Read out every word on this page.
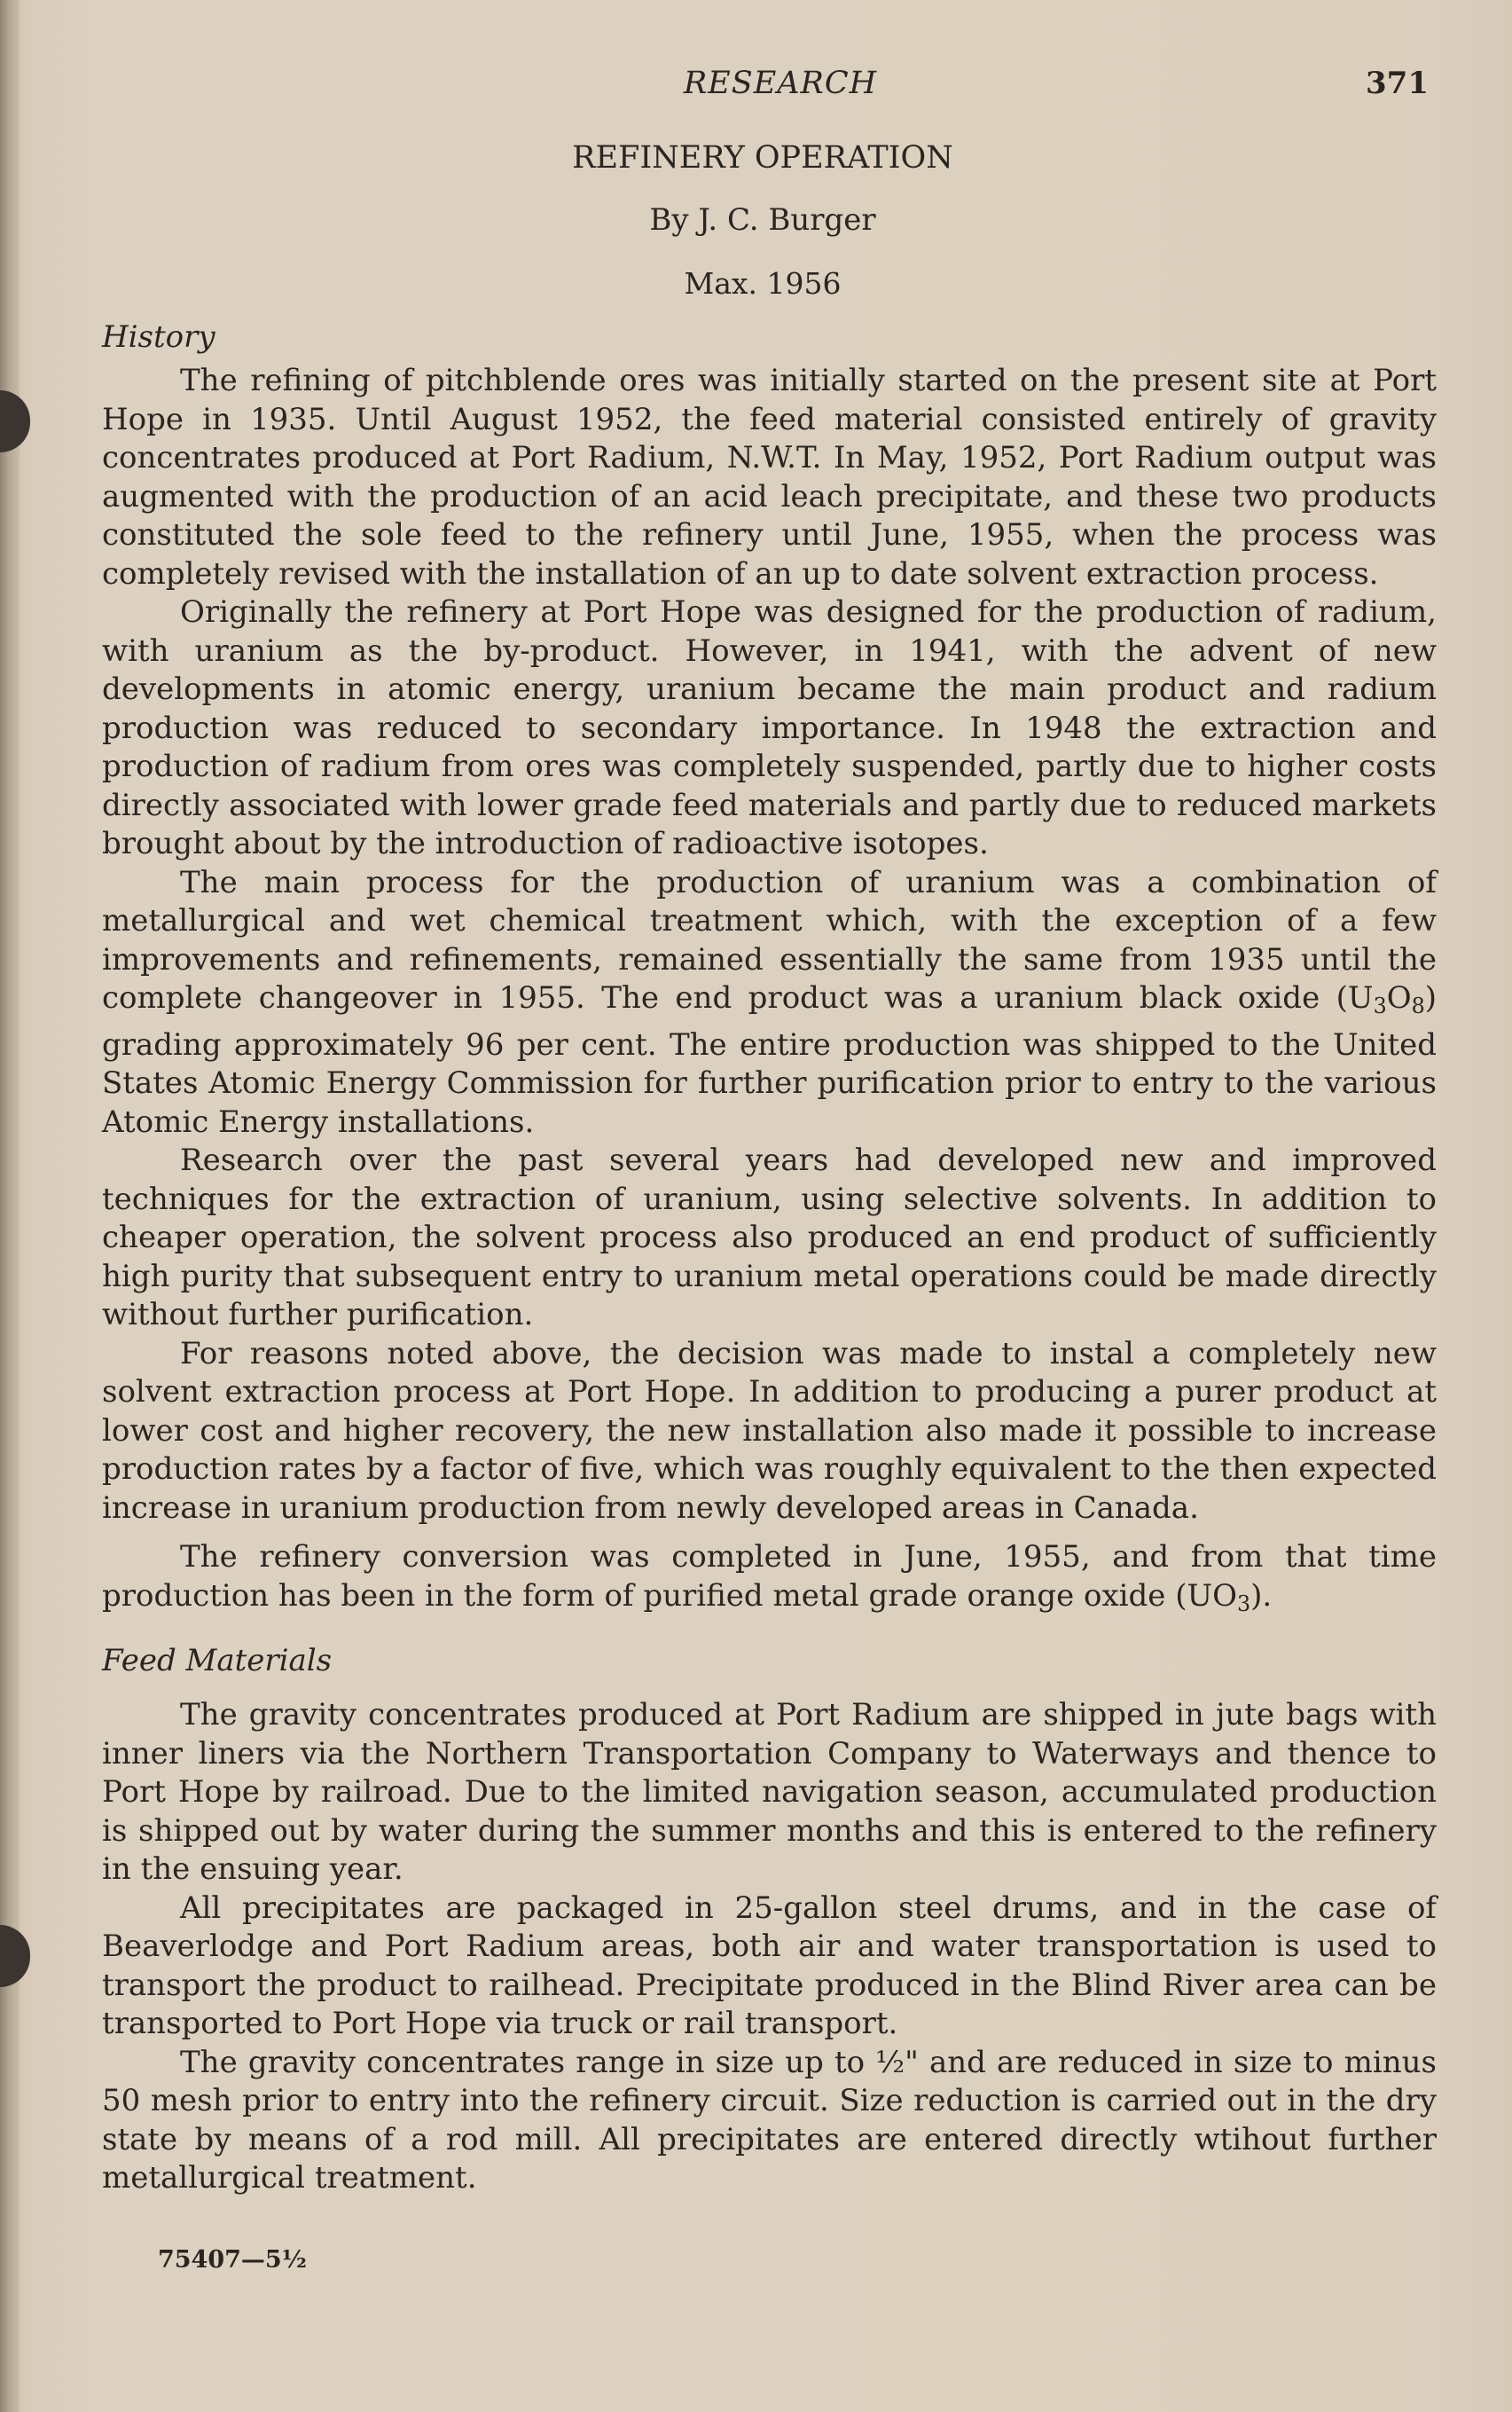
RESEARCH	371
REFINERY OPERATION
By J. C. Burger
Max. 1956
History

The refining of pitchblende ores was initially started on the present site at Port Hope in 1935. Until August 1952, the feed material consisted entirely of gravity concentrates produced at Port Radium, N.W.T. In May, 1952, Port Radium output was augmented with the production of an acid leach precipitate, and these two products constituted the sole feed to the refinery until June, 1955, when the process was completely revised with the installation of an up to date solvent extraction process.

Originally the refinery at Port Hope was designed for the production of radium, with uranium as the by-product. However, in 1941, with the advent of new developments in atomic energy, uranium became the main product and radium production was reduced to secondary importance. In 1948 the extraction and production of radium from ores was completely suspended, partly due to higher costs directly associated with lower grade feed materials and partly due to reduced markets brought about by the introduction of radioactive isotopes.

The main process for the production of uranium was a combination of metallurgical and wet chemical treatment which, with the exception of a few improvements and refinements, remained essentially the same from 1935 until the complete changeover in 1955. The end product was a uranium black oxide $(U_3O_8)$ grading approximately 96 per cent. The entire production was shipped to the United States Atomic Energy Commission for further purification prior to entry to the various Atomic Energy installations.

Research over the past several years had developed new and improved techniques for the extraction of uranium, using selective solvents. In addition to cheaper operation, the solvent process also produced an end product of sufficiently high purity that subsequent entry to uranium metal operations could be made directly without further purification.

For reasons noted above, the decision was made to instal a completely new solvent extraction process at Port Hope. In addition to producing a purer product at lower cost and higher recovery, the new installation also made it possible to increase production rates by a factor of five, which was roughly equivalent to the then expected increase in uranium production from newly developed areas in Canada.

The refinery conversion was completed in June, 1955, and from that time production has been in the form of purified metal grade orange oxide $(UO_3)$.

Feed Materials

The gravity concentrates produced at Port Radium are shipped in jute bags with inner liners via the Northern Transportation Company to Waterways and thence to Port Hope by railroad. Due to the limited navigation season, accumulated production is shipped out by water during the summer months and this is entered to the refinery in the ensuing year.

All precipitates are packaged in 25-gallon steel drums, and in the case of Beaverlodge and Port Radium areas, both air and water transportation is used to transport the product to railhead. Precipitate produced in the Blind River area can be transported to Port Hope via truck or rail transport.

The gravity concentrates range in size up to ½" and are reduced in size to minus 50 mesh prior to entry into the refinery circuit. Size reduction is carried out in the dry state by means of a rod mill. All precipitates are entered directly wtihout further metallurgical treatment.

75407—5½
